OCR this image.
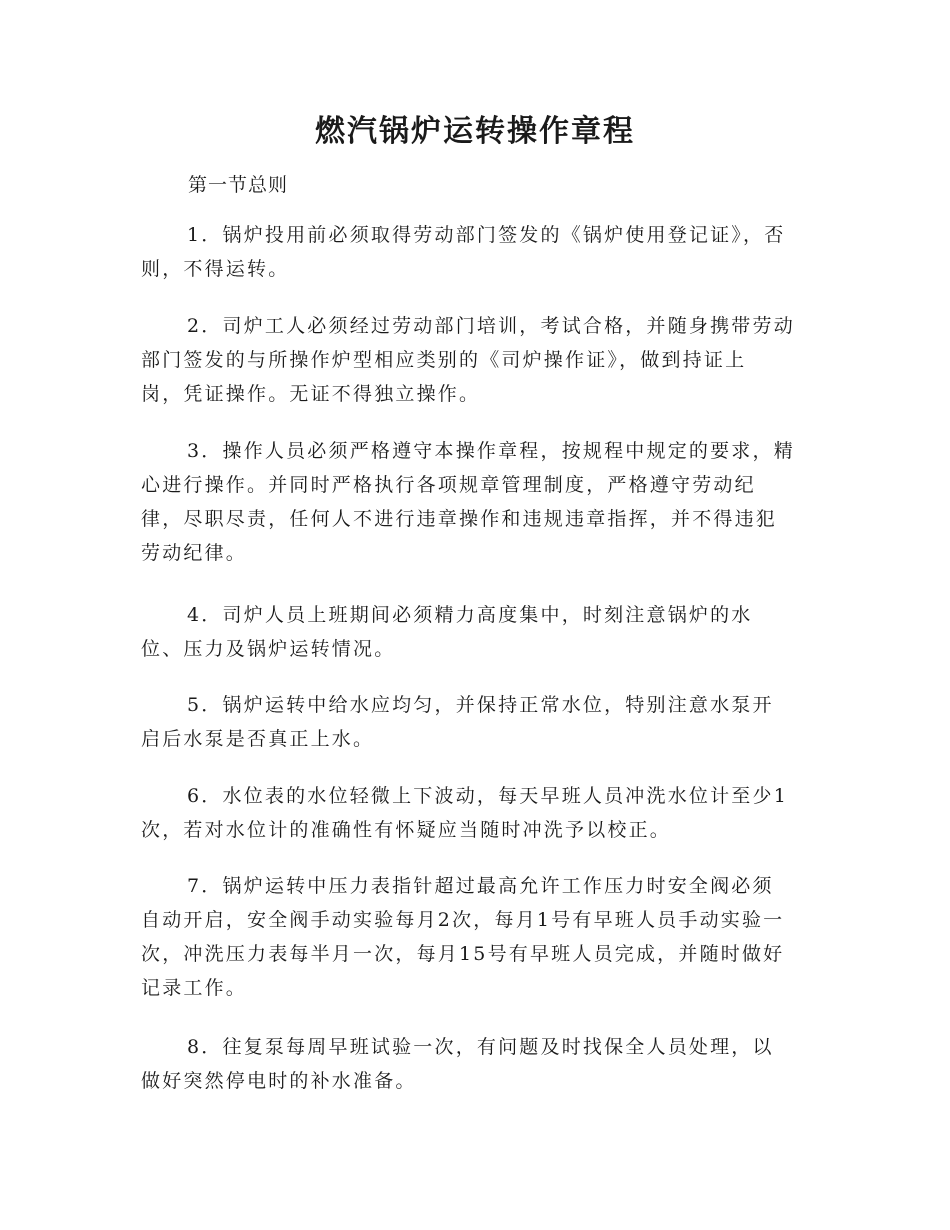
燃汽锅炉运转操作章程

第一节总则

1．锅炉投用前必须取得劳动部门签发的《锅炉使用登记证》，否
则，不得运转。

2．司炉工人必须经过劳动部门培训，考试合格，并随身携带劳动
部门签发的与所操作炉型相应类别的《司炉操作证》，做到持证上
岗，凭证操作。无证不得独立操作。

3．操作人员必须严格遵守本操作章程，按规程中规定的要求，精
心进行操作。并同时严格执行各项规章管理制度，严格遵守劳动纪
律，尽职尽责，任何人不进行违章操作和违规违章指挥，并不得违犯
劳动纪律。

4．司炉人员上班期间必须精力高度集中，时刻注意锅炉的水
位、压力及锅炉运转情况。

5．锅炉运转中给水应均匀，并保持正常水位，特别注意水泵开
启后水泵是否真正上水。

6．水位表的水位轻微上下波动，每天早班人员冲洗水位计至少1
次，若对水位计的准确性有怀疑应当随时冲洗予以校正。

7．锅炉运转中压力表指针超过最高允许工作压力时安全阀必须
自动开启，安全阀手动实验每月2次，每月1号有早班人员手动实验一
次，冲洗压力表每半月一次，每月15号有早班人员完成，并随时做好
记录工作。

8．往复泵每周早班试验一次，有问题及时找保全人员处理，以
做好突然停电时的补水准备。
